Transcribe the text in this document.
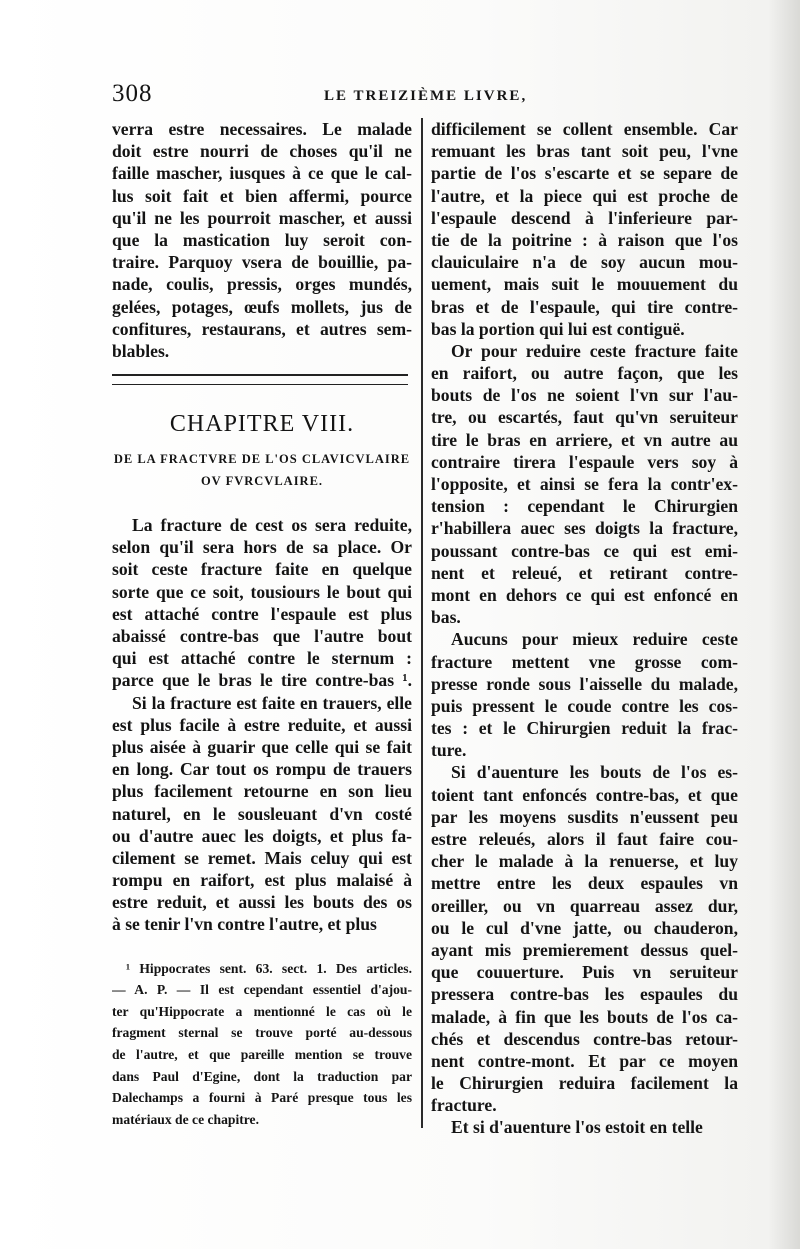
308	LE TREIZIÈME LIVRE,
verra estre necessaires. Le malade
doit estre nourri de choses qu'il ne
faille mascher, iusques à ce que le cal-
lus soit fait et bien affermi, pource
qu'il ne les pourroit mascher, et aussi
que la mastication luy seroit con-
traire. Parquoy vsera de bouillie, pa-
nade, coulis, pressis, orges mundés,
gelées, potages, œufs mollets, jus de
confitures, restaurans, et autres sem-
blables.
CHAPITRE VIII.
DE LA FRACTVRE DE L'OS CLAVICVLAIRE
OV FVRCVLAIRE.
La fracture de cest os sera reduite,
selon qu'il sera hors de sa place. Or
soit ceste fracture faite en quelque
sorte que ce soit, tousiours le bout qui
est attaché contre l'espaule est plus
abaissé contre-bas que l'autre bout
qui est attaché contre le sternum :
parce que le bras le tire contre-bas ¹.
Si la fracture est faite en trauers, elle
est plus facile à estre reduite, et aussi
plus aisée à guarir que celle qui se fait
en long. Car tout os rompu de trauers
plus facilement retourne en son lieu
naturel, en le sousleuant d'vn costé
ou d'autre auec les doigts, et plus fa-
cilement se remet. Mais celuy qui est
rompu en raifort, est plus malaisé à
estre reduit, et aussi les bouts des os
à se tenir l'vn contre l'autre, et plus
¹ Hippocrates sent. 63. sect. 1. Des articles.
— A. P. — Il est cependant essentiel d'ajou-
ter qu'Hippocrate a mentionné le cas où le
fragment sternal se trouve porté au-dessous
de l'autre, et que pareille mention se trouve
dans Paul d'Egine, dont la traduction par
Dalechamps a fourni à Paré presque tous les
matériaux de ce chapitre.
difficilement se collent ensemble. Car
remuant les bras tant soit peu, l'vne
partie de l'os s'escarte et se separe de
l'autre, et la piece qui est proche de
l'espaule descend à l'inferieure par-
tie de la poitrine : à raison que l'os
clauiculaire n'a de soy aucun mou-
uement, mais suit le mouuement du
bras et de l'espaule, qui tire contre-
bas la portion qui lui est contiguë.
Or pour reduire ceste fracture faite
en raifort, ou autre façon, que les
bouts de l'os ne soient l'vn sur l'au-
tre, ou escartés, faut qu'vn seruiteur
tire le bras en arriere, et vn autre au
contraire tirera l'espaule vers soy à
l'opposite, et ainsi se fera la contr'ex-
tension : cependant le Chirurgien
r'habillera auec ses doigts la fracture,
poussant contre-bas ce qui est emi-
nent et releué, et retirant contre-
mont en dehors ce qui est enfoncé en
bas.
Aucuns pour mieux reduire ceste
fracture mettent vne grosse com-
presse ronde sous l'aisselle du malade,
puis pressent le coude contre les cos-
tes : et le Chirurgien reduit la frac-
ture.
Si d'auenture les bouts de l'os es-
toient tant enfoncés contre-bas, et que
par les moyens susdits n'eussent peu
estre releués, alors il faut faire cou-
cher le malade à la renuerse, et luy
mettre entre les deux espaules vn
oreiller, ou vn quarreau assez dur,
ou le cul d'vne jatte, ou chauderon,
ayant mis premierement dessus quel-
que couuerture. Puis vn seruiteur
pressera contre-bas les espaules du
malade, à fin que les bouts de l'os ca-
chés et descendus contre-bas retour-
nent contre-mont. Et par ce moyen
le Chirurgien reduira facilement la
fracture.
Et si d'auenture l'os estoit en telle
